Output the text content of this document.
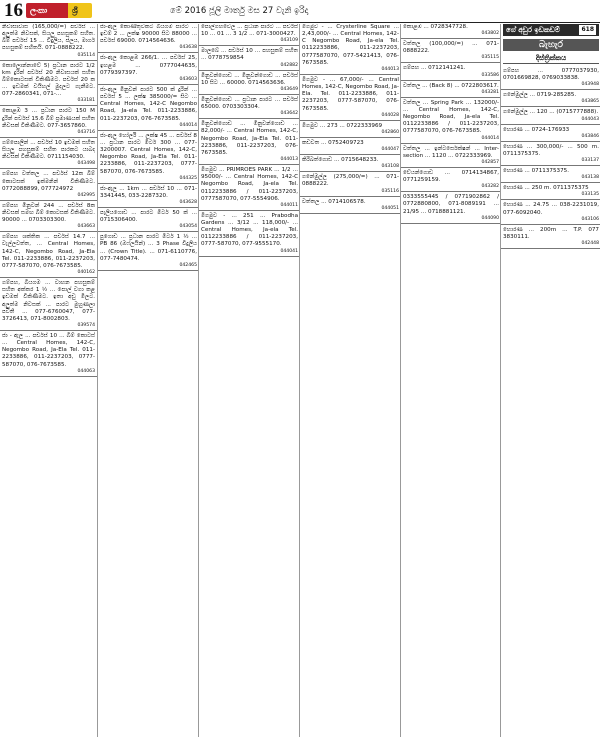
16 ලංකා	ශ්‍රී	මේ 2016 ජූලි මාර්තු මස 27 වැනි ඉරිදා
නිවාසාවාස (165,000/=) පර්චස් ... අලුත්ම නිවසක්, සියලු පහසුකම් සහිත. බිම් පර්චස් 15 ... විදුලිය, ජලය, මාර්ග පහසුකම් සහිතයි. 071-0888222.
035114
කොලොන්නාවේ 5) ප්‍රධාන පාරට 1/2 km දුරින් පර්චස් 20 නිවාසයක් සහිත බිම්කොටසක් විකිණීමට. පර්චස් 20 ක ... ඉඩමක් වයිහල් මුදලට ගැනීමට. 077-2860341, 071-...
033181
කොළඹ 3 ... ප්‍රධාන පාරට 150 M දුරින් පර්චස් 15.6 බිම් ප්‍රමාණයක් සහිත නිවසක් විකිණීමට. 077-3657860.
043716
ගම්පොලින් ... පර්චස් 10 ඉඩමක් සහිත සියලු පහසුකම් සහිත පාරකට යාබද නිවසක් විකිණීමට. 0711154030.
043498
ගම්පහ වත්තල ... පර්චස් 12ක බිම් කොටසක් ඉක්මනින් විකිණීමට. 0772088899, 077724972
042995
ගම්පහ මිනුවන් 244 ... පර්චස් 8ක නිවසක් සමඟ බිම් කොටසක් විකිණීමට. 90000 ... 0703303300.
043663
ගම්පහ ශක්තික ... පර්චස් 14.7 ... වැල්ලවත්ත, ... Central Homes, 142-C, Negombo Road, Ja-Ela Tel. 011-2233886, 011-2237203, 0777-587070, 076-7673585.
040162
ගම්පහ, බියගම ... වාහන පහසුකම් සහිත අක්කර 1 ½ ... පොල් වගා කළ ඉඩමක් විකිණීමට. ඉතා අඩු මිලට. අලුත්ම නිවසක් ... පාරට මුහුණලා පවතී ... 077-6760047, 077-3726413, 071-8002803.
039574
ජා - ඇල ... පර්චස් 10 ... බිම් කොටස් ... Central Homes, 142-C, Negombo Road, Ja-Ela Tel. 011-2233886, 011-2237203, 0777-587070, 076-7673585.
044063
ජා-ඇල කොණ්තුවකට බියගම පාරට ... ඉඩම් 2 ... ලක්ෂ 90000 සිට 88000 ... පර්චස් 69000. 0714564636.
043638
ජා-ඇල කොළඹ 266/1. ... පර්චස් 25, ඉහළම ... 0777044635, 0779397397.
043603
ජා-ඇල මිනුවන් පාරට 500 ක් දුරින් ... පර්චස් 5 ... ලක්ෂ 385000/= සිට ... Central Homes, 142-C Negombo Road, Ja-ela Tel. 011-2233886, 011-2237203, 076-7673585.
044014
ජා-ඇල හෝර්ලි ... ලක්ෂ 45 ... පර්චස් 8 ... ප්‍රධාන පාරට මීටර් 300 ... 077-3200007. Central Homes, 142-C, Negombo Road, Ja-Ela Tel. 011-2233886, 011-2237203, 0777-587070, 076-7673585.
044325
ජා-ඇල ... 1km ... පර්චස් 10 ... 071-3341445, 033-2287320.
043628
පැලියගොඩ ... පාරට මීටර් 50 ක් ... 0715306400.
043054
පුගොඩ ... ප්‍රධාන පාරට මීටර් 1 ½ ... PB 86 (ඔෆ්ලයින්) ... 3 Phase විදුලිය ... (Crown Title). ... 071-6110776, 077-7480474.
042465
පොල්ගහවෙල ... ප්‍රධාන පාරට ... පර්චස් 10 ... 01 ... 3 1/2 ... 071-3000427.
043109
මාලබේ ... පර්චස් 10 ... පහසුකම් සහිත ... 0778759854
042882
මිනුවන්ගොඩ ... මිනුවන්ගොඩ ... පර්චස් 10 සිට ... 60000. 0714563636.
043649
මිනුවන්ගොඩ ... ප්‍රධාන පාරට ... පර්චස් 65000. 0703303304.
043642
මිනුවන්ගොඩ ... මිනුවන්ගොඩ ... 82,000/- ... Central Homes, 142-C, Negombo Road, Ja-Ela Tel. 011-2233886, 011-2237203, 076-7673585.
044013
මීගමුව ... PRIMROES PARK ... 1/2 ... 95000/- ... Central Homes, 142-C Negombo Road, Ja-ela Tel. 0112233886 / 011-2237203, 0777587070, 077-5554906.
044011
මීගමුව - ... 251 ... Prabodha Gardens ... 3/12 ... 118,000/- ... Central Homes, Ja-ela Tel. 0112233886 / 011-2237203, 0777-587070, 077-9555170.
044041
මීගමුව - ... Crysterline Square ... 2,43,000/- ... Central Homes, 142-C Negombo Road, Ja-ela Tel. 0112233886, 011-2237203, 0777587070, 077-5421413, 076-7673585.
044013
මීගමුව - ... 67,000/- ... Central Homes, 142-C, Negombo Road, Ja-Ela. Tel. 011-2233886, 011-2237203, 0777-587070, 076-7673585.
044028
මීගමුව ... 273 ... 0722333969
042860
කඩවත ... 0752409723
044047
කිරිබත්ගොඩ ... 0715648233.
043108
ගනේමුල්ල (275,000/=) ... 071-0888222.
035116
වත්තල ... 0714106578.
044051
කොළඹ ... 0728347728.
043802
වත්තල (100,000/=) ... 071-0888222.
035115
ගම්පහ ... 0712141241.
033586
වත්තල ... (Back 8) ... 0722803617.
043281
වත්තල ... Spring Park ... 132000/- ... Central Homes, 142-C, Negombo Road, Ja-ela Tel. 0112233886 / 011-2237203, 0777587070, 076-7673585.
044014
වත්තල ... ඉන්ටර්සෙක්ෂන් ... Inter-section ... 1120 ... 0722333969.
042857
වේයන්ගොඩ ... 0714134867, 0771259159.
043282
0333555445 / 0771902862 / 0772880800, 071-8089191 ... 21/95 ... 0718881121.
044090
ගේ අඩුර ඉඩකඩම්	618
බැහැර
දිස්ත්‍රික්කය
ගම්පහ ... 0777037930, 0701669828, 0769033838.
043948
ගනේමුල්ල ... 0719-285285.
043865
ගනේමුල්ල ... 120 ... (0715777888).
044043
හොරණ ... 0724-176933
043846
හොරණ ... 300,000/- ... 500 m. 0711375375.
033137
හොරණ ... 0711375375.
043138
හොරණ ... 250 m. 0711375375
033135
හොරණ ... 24.75 ... 038-2231019, 077-6092040.
043106
හොරණ ... 200m ... T.P. 077 3830111.
042448
